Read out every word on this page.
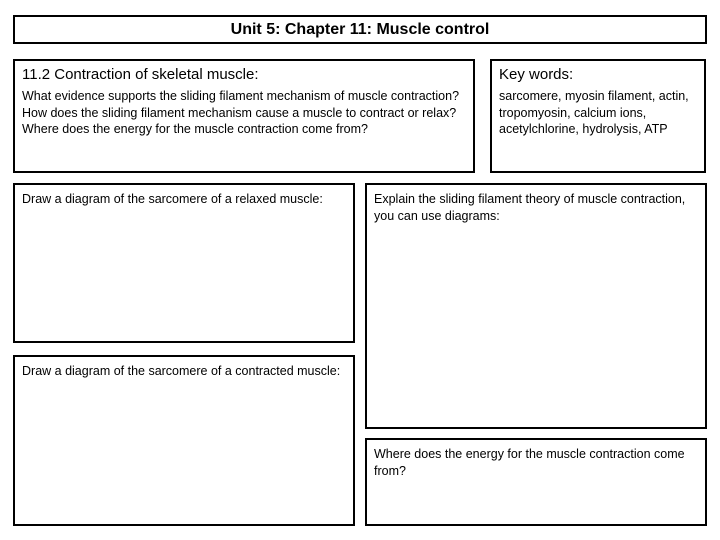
Unit 5: Chapter 11: Muscle control
11.2 Contraction of skeletal muscle:

What evidence supports the sliding filament mechanism of muscle contraction?
How does the sliding filament mechanism cause a muscle to contract or relax?
Where does the energy for the muscle contraction come from?

Key words:

sarcomere, myosin filament, actin, tropomyosin, calcium ions, acetylchlorine, hydrolysis, ATP

Draw a diagram of the sarcomere of a relaxed muscle:	Explain the sliding filament theory of muscle contraction, you can use diagrams:

Draw a diagram of the sarcomere of a contracted muscle:

Where does the energy for the muscle contraction come from?
